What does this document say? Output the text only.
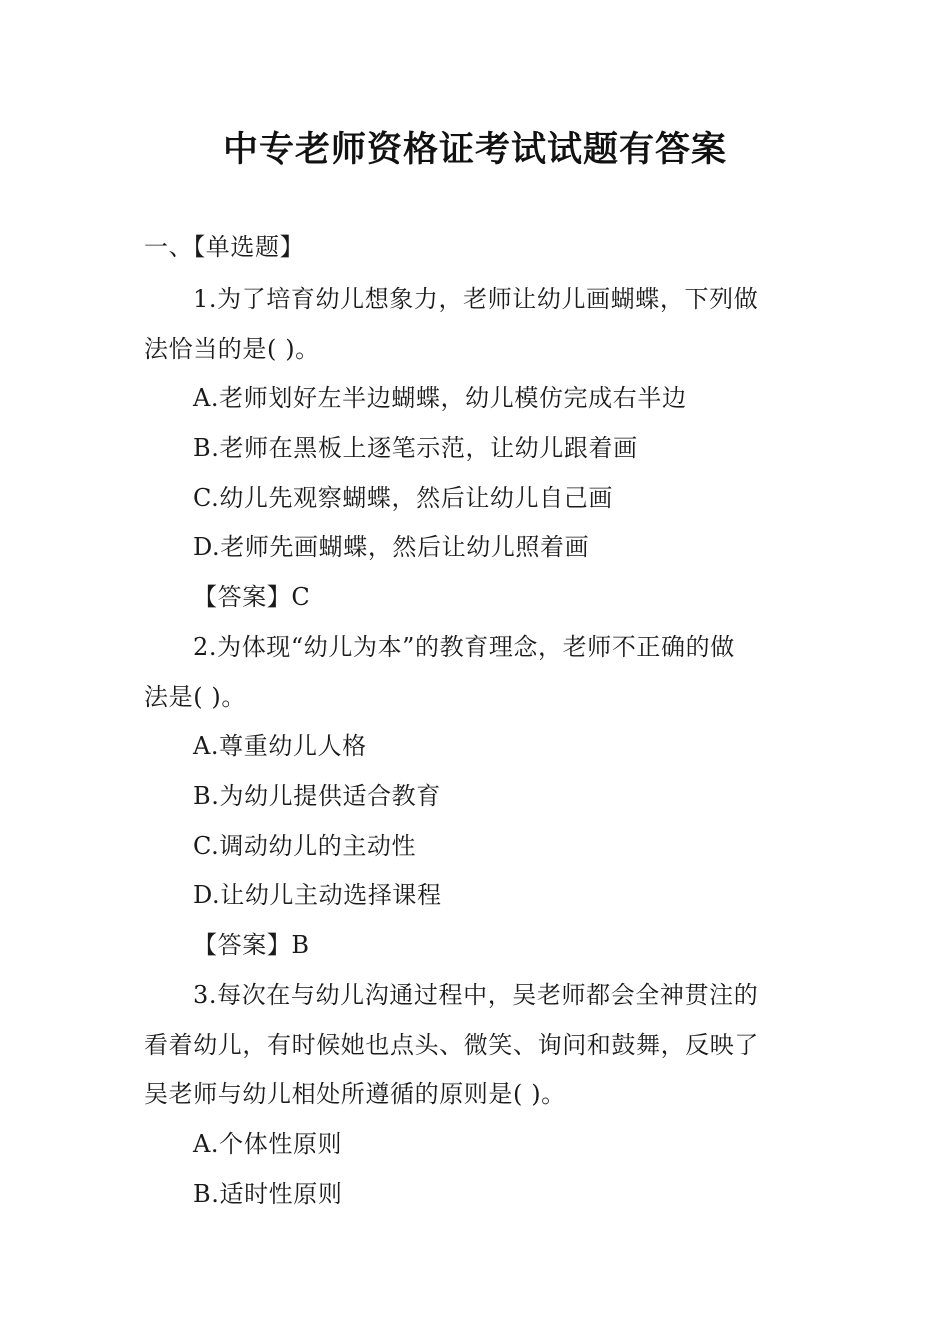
中专老师资格证考试试题有答案
一、【单选题】
1.为了培育幼儿想象力，老师让幼儿画蝴蝶，下列做
法恰当的是( )。
A.老师划好左半边蝴蝶，幼儿模仿完成右半边
B.老师在黑板上逐笔示范，让幼儿跟着画
C.幼儿先观察蝴蝶，然后让幼儿自己画
D.老师先画蝴蝶，然后让幼儿照着画
【答案】C
2.为体现“幼儿为本”的教育理念，老师不正确的做
法是( )。
A.尊重幼儿人格
B.为幼儿提供适合教育
C.调动幼儿的主动性
D.让幼儿主动选择课程
【答案】B
3.每次在与幼儿沟通过程中，吴老师都会全神贯注的
看着幼儿，有时候她也点头、微笑、询问和鼓舞，反映了
吴老师与幼儿相处所遵循的原则是( )。
A.个体性原则
B.适时性原则
